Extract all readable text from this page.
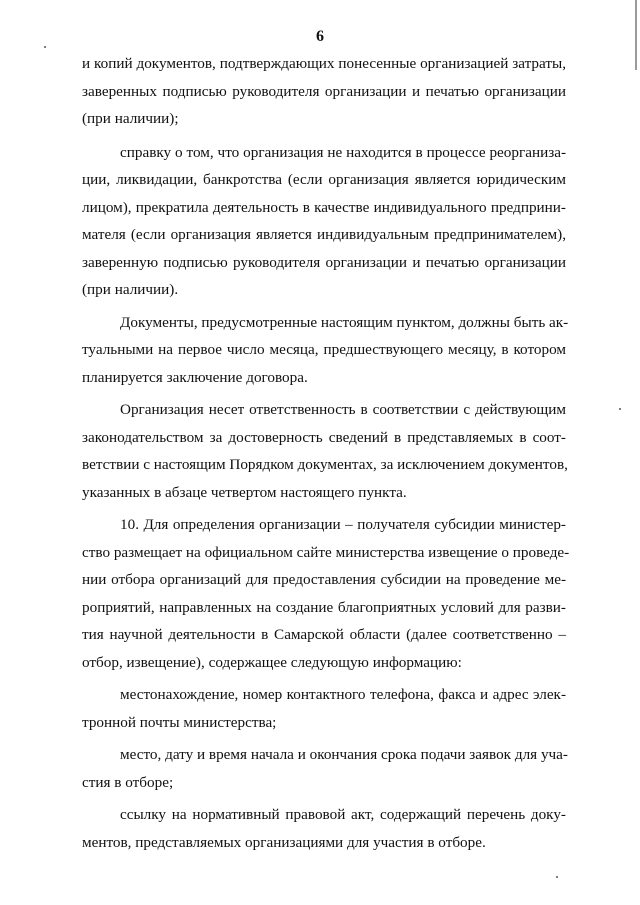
6
и копий документов, подтверждающих понесенные организацией затраты,
заверенных подписью руководителя организации и печатью организации
(при наличии);
справку о том, что организация не находится в процессе реорганиза-
ции, ликвидации, банкротства (если организация является юридическим
лицом), прекратила деятельность в качестве индивидуального предприни-
мателя (если организация является индивидуальным предпринимателем),
заверенную подписью руководителя организации и печатью организации
(при наличии).
Документы, предусмотренные настоящим пунктом, должны быть ак-
туальными на первое число месяца, предшествующего месяцу, в котором
планируется заключение договора.
Организация несет ответственность в соответствии с действующим
законодательством за достоверность сведений в представляемых в соот-
ветствии с настоящим Порядком документах, за исключением документов,
указанных в абзаце четвертом настоящего пункта.
10. Для определения организации – получателя субсидии министер-
ство размещает на официальном сайте министерства извещение о проведе-
нии отбора организаций для предоставления субсидии на проведение ме-
роприятий, направленных на создание благоприятных условий для разви-
тия научной деятельности в Самарской области (далее соответственно –
отбор, извещение), содержащее следующую информацию:
местонахождение, номер контактного телефона, факса и адрес элек-
тронной почты министерства;
место, дату и время начала и окончания срока подачи заявок для уча-
стия в отборе;
ссылку на нормативный правовой акт, содержащий перечень доку-
ментов, представляемых организациями для участия в отборе.
